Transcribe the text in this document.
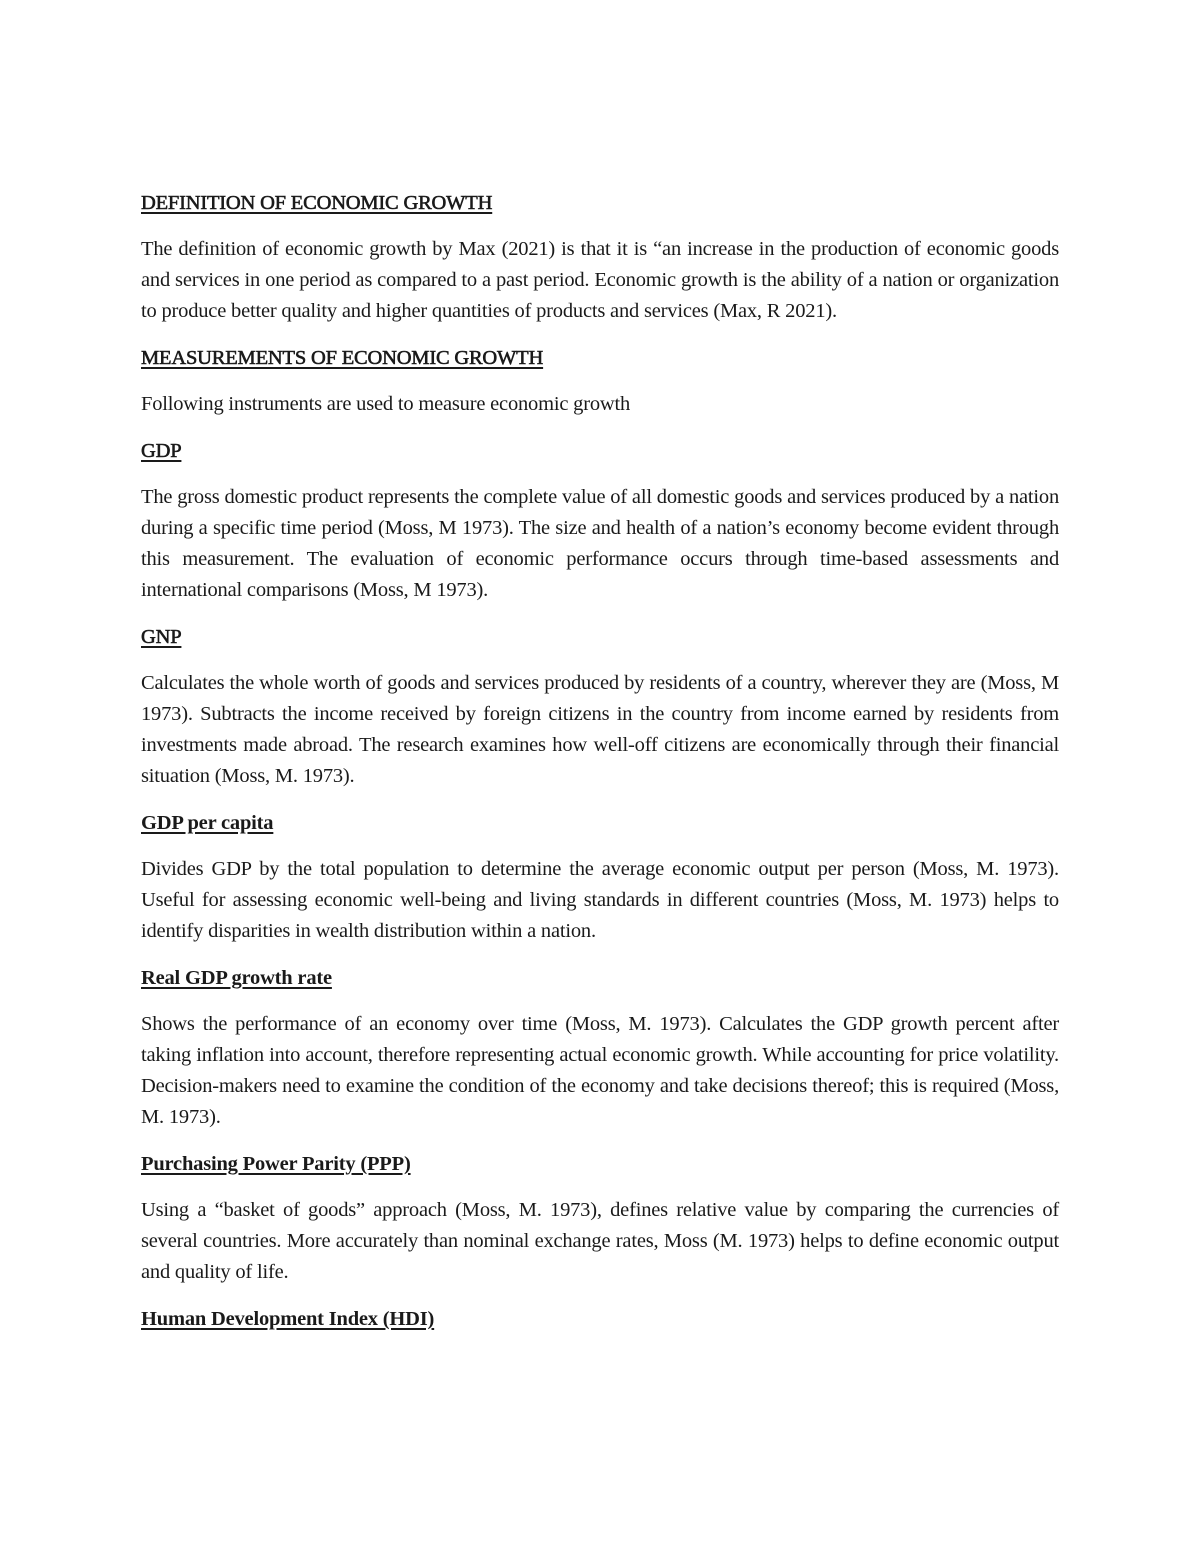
DEFINITION OF ECONOMIC GROWTH

The definition of economic growth by Max (2021) is that it is “an increase in the production of economic goods and services in one period as compared to a past period. Economic growth is the ability of a nation or organization to produce better quality and higher quantities of products and services (Max, R 2021).

MEASUREMENTS OF ECONOMIC GROWTH

Following instruments are used to measure economic growth

GDP

The gross domestic product represents the complete value of all domestic goods and services produced by a nation during a specific time period (Moss, M 1973). The size and health of a nation’s economy become evident through this measurement. The evaluation of economic performance occurs through time-based assessments and international comparisons (Moss, M 1973).

GNP

Calculates the whole worth of goods and services produced by residents of a country, wherever they are (Moss, M 1973). Subtracts the income received by foreign citizens in the country from income earned by residents from investments made abroad. The research examines how well-off citizens are economically through their financial situation (Moss, M. 1973).

GDP per capita

Divides GDP by the total population to determine the average economic output per person (Moss, M. 1973). Useful for assessing economic well-being and living standards in different countries (Moss, M. 1973) helps to identify disparities in wealth distribution within a nation.

Real GDP growth rate

Shows the performance of an economy over time (Moss, M. 1973). Calculates the GDP growth percent after taking inflation into account, therefore representing actual economic growth. While accounting for price volatility. Decision-makers need to examine the condition of the economy and take decisions thereof; this is required (Moss, M. 1973).

Purchasing Power Parity (PPP)

Using a “basket of goods” approach (Moss, M. 1973), defines relative value by comparing the currencies of several countries. More accurately than nominal exchange rates, Moss (M. 1973) helps to define economic output and quality of life.

Human Development Index (HDI)
